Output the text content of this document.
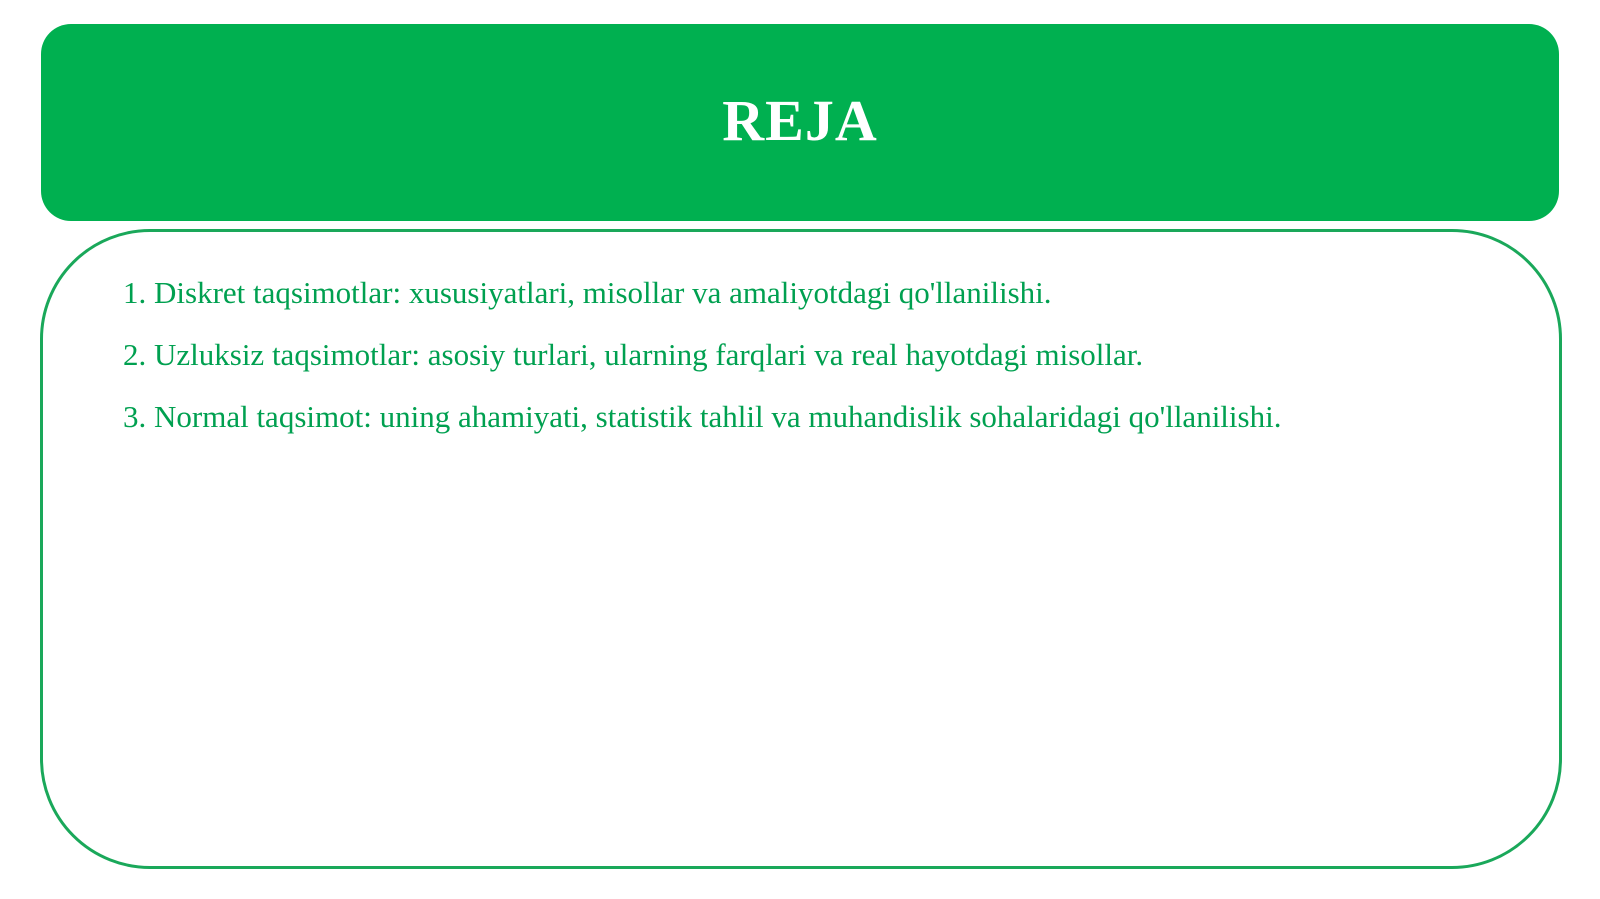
REJA
1. Diskret taqsimotlar: xususiyatlari, misollar va amaliyotdagi qo'llanilishi.
2. Uzluksiz taqsimotlar: asosiy turlari, ularning farqlari va real hayotdagi misollar.
3. Normal taqsimot: uning ahamiyati, statistik tahlil va muhandislik sohalaridagi qo'llanilishi.
